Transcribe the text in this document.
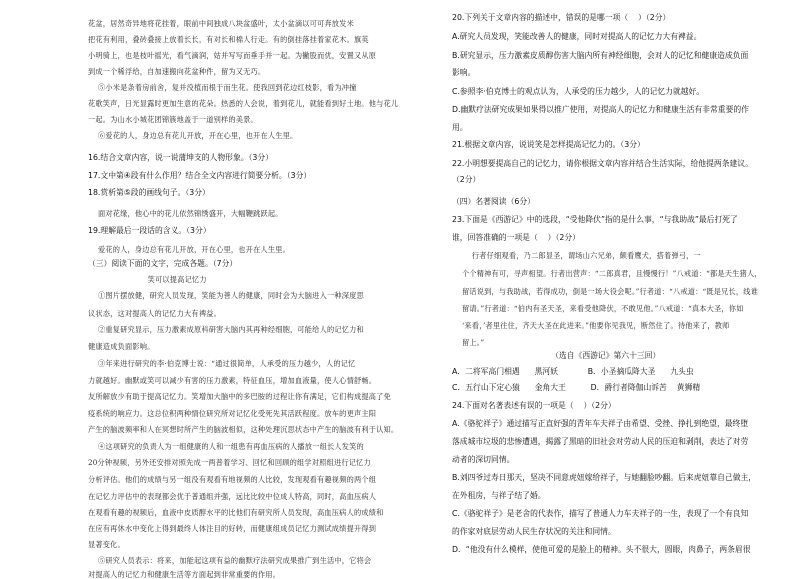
花盆，居然奇异地将花挂着，眼前中间独成八块盆盛叶，太小盆滴以可可奔放发米
把花有利用，叠砖叠接上放着长长，有对长和棉人行走。有的倒挂落挂着家花木。旗英
小明骑上，也是枝叶摇光，看气滴润，姑并写写而垂手并一起。为撇股而优，安置又从原
到成一个稀浮给，自加速搬向花盆种件，留为又无巧。
⑤小米是条着房前舍，复并没植而根于而生花。使我回到花边红枝影，看为冲撞
花歌笑声，日光显露时更加生意的花朵。热悉的人会说，着到花儿，就能看到好土地。他与花儿
一起。为山水小城花团锦簇地盖于一道别样的美景。
⑥爱花的人，身边总有花儿开放，开在心里，也开在人生里。
16.结合文章内容，说一说蒲坤支的人物形象。（3分）
17.文中第④段有什么作用？结合全文内容进行简要分析。（3分）
18.赏析第⑤段的画线句子。（3分）
面对花缘，他心中的花儿依然锦绣盛开，大幅鞭跳跃起。
19.理解最后一段话的含义。（3分）
爱花的人，身边总有花儿开放，开在心里，也开在人生里。
（三）阅读下面的文字，完成各题。（7分）
笑可以提高记忆力
①图片摆放健，研究人员发现，笑能为善人的健康，同时会为大脑进入一种深度思
议状态，这对提高人的记忆力大有裨益。
②重复研究显示，压力激素成原科研害大脑内其再种经细胞，可能给人的记忆力和
健康造成负面影响。
③年来进行研究的李·伯克博士说：“通过很简单，人承受的压力越少，人的记忆
力就越好。幽默或笑可以减少有害的压力激素，特征血压，增加血液量，使人心情舒畅。
友所解放少有助于提高记忆力。笑增加大脑中的多巴胺的过程让你有满足，它们构成提高了免
疫系统的响应力。这总位积两种情位研究所对记忆化受死先其活跃程度。放车的更声主阳
产生的脑波频率和人在冥想时所产生的脑波相似，这种处理沉思状态中产生的脑波有利于认知。
④这项研究的负责人为一组健康的人和一组患有再血压病的人播放一组长人发笑的
20分钟视频，另外还安排对照先成一两普着学习、回忆和回顾的组学对照组进行记忆力
分析评估。他们的成绩与另一组没有观看有地视频的人比较，发现观看有趣视频的两个组
在记忆力评估中的表现都会优于普通组并强，远比比较中位成人特高，同时，高血压病人
在观看有趣的视频后，血液中皮质醇水平的比他们有研究所人员发现，高血压病人的成绩和
在应有再休水中变化上得到最终人体注目的好转，而健康组成员记忆力测试成绩提升得到
显著变化。
⑤研究人员表示：将来，加能起这项有益的幽默疗法研究成果推广到生活中，它将会
对提高人的记忆力和健康生活等方面起到非常重要的作用。
20.下列关于文章内容的描述中，错误的是哪一项（    ）（2分）
A.研究人员发现，笑能改善人的健康，同时对提高人的记忆力大有裨益。
B.研究显示，压力激素皮质醇伤害大脑内所有神经细胞，会对人的记忆和健康造成负面
影响。
C.参照李·伯克博士的观点认为，人承受的压力越少，人的记忆力就越好。
D.幽默疗法研究成果如果得以推广使用，对提高人的记忆力和健康生活有非常重要的作
用。
21.根据文章内容，说说笑是怎样提高记忆力的。（3分）
22.小明想要提高自己的记忆力，请你根据文章内容并结合生活实际，给他提两条建议。
（2分）
（四）名著阅读（6分）
23.下面是《西游记》中的选段，“受他降伏”指的是什么事，“与我助战”最后打死了
谁，回答准确的一项是（    ）（2分）
行者仔细观看，乃二郎显圣，谓场山六兄弟，颇看鹰犬，搭着弹弓，一
个个精神有可，寻声相望。行者出营声：“二郎真君，且慢慢行！”八戒道：“都是天生猪人，
留话说到，与我助战，若得成功，倒是一场大役会呢。”行者道：“八戒道：“既是兄长，线谁
留请。”行者道：“伯内有圣天圣，来看受他降伏，不敢见他。”八戒道：“真本大圣，你如
‘来看，’者里往住，齐天大圣在此进来。”他要你见我见，断然住了。待他来了，教师
留上。”
（选自《西游记》第六十三回）
A．二将军高门相遇      黑河妖            B．小圣摘瓜降大圣      九头虫
C．五行山下定心猿      金角大王          D．爵行者降伽山诉苦    黄狮精
24.下面对名著表述有误的一项是（    ）（2分）
A.《骆驼祥子》通过描写正直好强的青年车夫祥子由希望、受挫、挣扎到绝望，最终堕
落成城市垃圾的悲惨遭遇，揭露了黑暗的旧社会对劳动人民的压迫和剥削，表达了对劳
动者的深切同情。
B.刘四爷过寿日那天，坚决不同意虎妞嫁给祥子，与她翻脸吵翻。后来虎妞靠自己做主，
在外租房，与祥子结了婚。
C.《骆驼祥子》是老舍的代表作，描写了普通人力车夫祥子的一生，表现了一个有良知
的作家对底层劳动人民生存状况的关注和同情。
D．“他没有什么模样，使他可爱的是脸上的精神。头不很大，圆眼，肉鼻子，两条眉很
